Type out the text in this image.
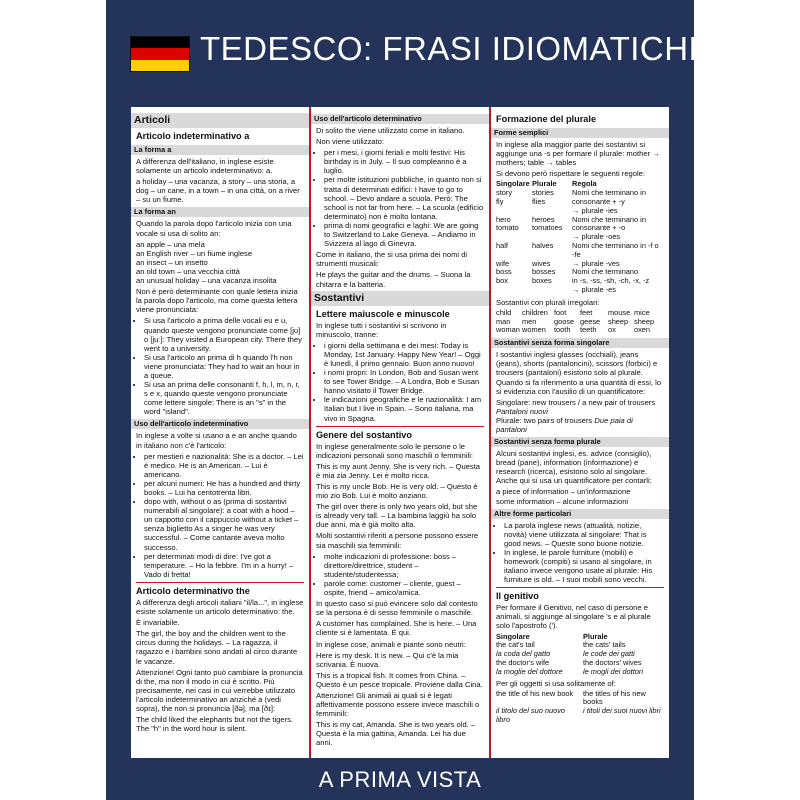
TEDESCO: FRASI IDIOMATICHE
Articoli
Articolo indeterminativo a
La forma a

A differenza dell'italiano, in inglese esiste solamente un articolo indeterminativo: a.

a holiday – una vacanza, a story – una storia, a dog – un cane, in a town – in una città, on a river – su un fiume.

La forma an

Quando la parola dopo l'articolo inizia con una vocale si usa di solito an:

an apple – una mela

an English river – un fiume inglese

an insect – un insetto

an old town – una vecchia città

an unusual holiday – una vacanza insolita

Non è però determinante con quale lettera inizia la parola dopo l'articolo, ma come questa lettera viene pronunciata:

• Si usa l'articolo a prima delle vocali eu e u, quando queste vengono pronunciate come [jʊ] o [juː]: They visited a European city. There they went to a university.
• Si usa l'articolo an prima di h quando l'h non viene pronunciata: They had to wait an hour in a queue.
• Si usa an prima delle consonanti f, h, l, m, n, r, s e x, quando queste vengono pronunciate come lettere singole: There is an "s" in the word "island".
Uso dell'articolo indeterminativo

In inglese a volte si usano a e an anche quando in italiano non c'è l'articolo:

• per mestieri e nazionalità: She is a doctor. – Lei è medico. He is an American. – Lui è americano.
• per alcuni numeri: He has a hundred and thirty books. – Lui ha centotrenta libri.
• dopo with, without o as (prima di sostantivi numerabili al singolare): a coat with a hood – un cappotto con il cappuccio without a ticket – senza biglietto As a singer he was very successful. – Come cantante aveva molto successo.
• per determinati modi di dire: I've got a temperature. – Ho la febbre. I'm in a hurry! – Vado di fretta!
Articolo determinativo the

A differenza degli articoli italiani "il/la...", in inglese esiste solamente un articolo determinativo: the.

È invariabile.

The girl, the boy and the children went to the circus during the holidays. – La ragazza, il ragazzo e i bambini sono andati al circo durante le vacanze.

Attenzione! Ogni tanto può cambiare la pronuncia di the, ma non il modo in cui è scritto. Più precisamente, nei casi in cui verrebbe utilizzato l'articolo indeterminativo an anziché a (vedi sopra), the non si pronuncia [ðə], ma [ðɪ]:

The child liked the elephants but not the tigers. The "h" in the word hour is silent.

Uso dell'articolo determinativo

Di solito the viene utilizzato come in italiano.

Non viene utilizzato:

• per i mesi, i giorni feriali e molti festivi: His birthday is in July. – Il suo compleanno è a luglio.
• per molte istituzioni pubbliche, in quanto non si tratta di determinati edifici: I have to go to school. – Devo andare a scuola. Però: The school is not far from here. – La scuola (edificio determinato) non è molto lontana.
• prima di nomi geografici e laghi: We are going to Switzerland to Lake Geneva. – Andiamo in Svizzera al lago di Ginevra.

Come in italiano, the si usa prima dei nomi di strumenti musicali:

He plays the guitar and the drums. – Suona la chitarra e la batteria.

Sostantivi
Lettere maiuscole e minuscole

In inglese tutti i sostantivi si scrivono in minuscolo, tranne:

• i giorni della settimana e dei mesi: Today is Monday, 1st January. Happy New Year! – Oggi è lunedì, il primo gennaio. Buon anno nuovo!
• i nomi propri: In London, Bob and Susan went to see Tower Bridge. – A Londra, Bob e Susan hanno visitato il Tower Bridge.
• le indicazioni geografiche e le nazionalità: I am Italian but I live in Spain. – Sono italiana, ma vivo in Spagna.
Genere del sostantivo

In inglese generalmente solo le persone o le indicazioni personali sono maschili o femminili:

This is my aunt Jenny. She is very rich. – Questa è mia zia Jenny. Lei è molto ricca.

This is my uncle Bob. He is very old. – Questo è mio zio Bob. Lui è molto anziano.

The girl over there is only two years old, but she is already very tall. – La bambina laggiù ha solo due anni, ma è già molto alta.

Molti sostantivi riferiti a persone possono essere sia maschili sia femminili:

• molte indicazioni di professione: boss – direttore/direttrice, student – studente/studentessa;
• parole come: customer – cliente, guest – ospite, friend – amico/amica.

In questo caso si può evincere solo dal contesto se la persona è di sesso femminile o maschile.

A customer has complained. She is here. – Una cliente si è lamentata. È qui.

In inglese cose, animali e piante sono neutri:

Here is my desk. It is new. – Qui c'è la mia scrivania. È nuova.

This is a tropical fish. It comes from China. – Questo è un pesce tropicale. Proviene dalla Cina.

Attenzione! Gli animali ai quali si è legati affettivamente possono essere invece maschili o femminili:

This is my cat, Amanda. She is two years old. – Questa è la mia gattina, Amanda. Lei ha due anni.

Formazione del plurale
Forme semplici

In inglese alla maggior parte dei sostantivi si aggiunge una -s per formare il plurale: mother → mothers; table → tables

Si devono però rispettare le seguenti regole:

Singolare	Plurale	Regola
story	stories	Nomi che terminano in
fly	flies	consonante + -y
		→ plurale -ies
hero	heroes	Nomi che terminano in
tomato	tomatoes	consonante + -o
		→ plurale -oes
half	halves	Nomi che terminano in -f o -fe
wife	wives	→ plurale -ves
boss	bosses	Nomi che terminano
box	boxes	in -s, -ss, -sh, -ch, -x, -z
		→ plurale -es

Sostantivi con plurali irregolari:

child	children	foot	feet	mouse	mice
man	men	goose	geese	sheep	sheep
woman	women	tooth	teeth	ox	oxen
Sostantivi senza forma singolare

I sostantivi inglesi glasses (occhiali), jeans (jeans), shorts (pantaloncini), scissors (forbici) e trousers (pantaloni) esistono solo al plurale. Quando si fa riferimento a una quantità di essi, lo si evidenzia con l'ausilio di un quantificatore:

Singolare: new trousers / a new pair of trousers Pantaloni nuovi

Plurale: two pairs of trousers Due paia di pantaloni

Sostantivi senza forma plurale

Alcuni sostantivi inglesi, es. advice (consiglio), bread (pane), information (informazione) e research (ricerca), esistono solo al singolare. Anche qui si usa un quantificatore per contarli:

a piece of information – un'informazione

some information – alcune informazioni

Altre forme particolari
• La parola inglese news (attualità, notizie, novità) viene utilizzata al singolare: That is good news. – Queste sono buone notizie.
• In inglese, le parole furniture (mobili) e homework (compiti) si usano al singolare, in italiano invece vengono usate al plurale: His furniture is old. – I suoi mobili sono vecchi.
Il genitivo

Per formare il Genitivo, nel caso di persone e animali, si aggiunge al singolare 's e al plurale solo l'apostrofo (').

Singolare	Plurale
the cat's tail	the cats' tails
la coda del gatto	le code dei gatti
the doctor's wife	the doctors' wives
la moglie del dottore	le mogli dei dottori

Per gli oggetti si usa solitamente of:

the title of his new book	the titles of his new books
il titolo del suo nuovo libro	i titoli dei suoi nuovi libri
A PRIMA VISTA
